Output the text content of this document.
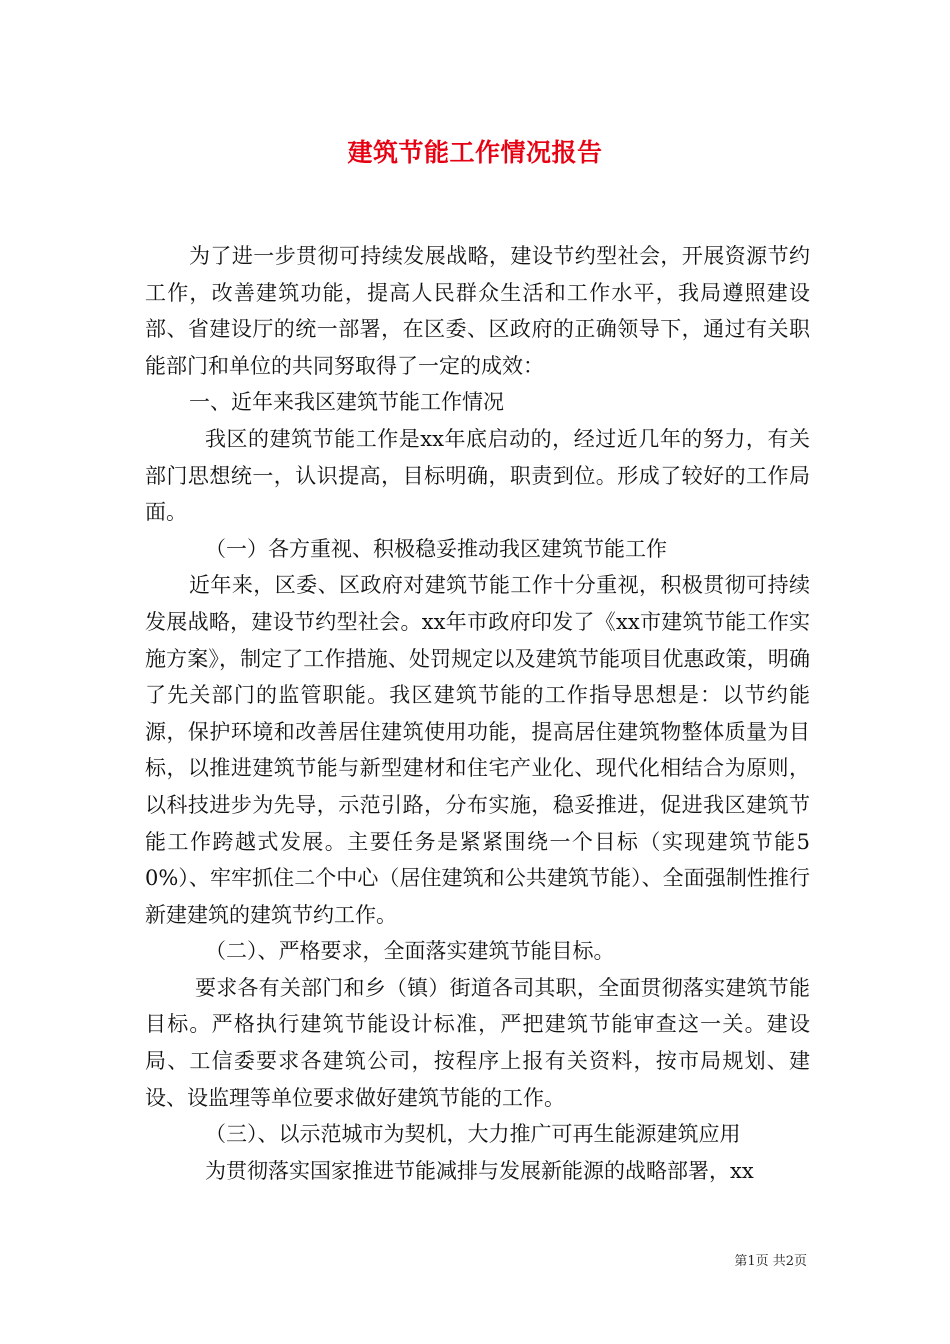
建筑节能工作情况报告

为了进一步贯彻可持续发展战略，建设节约型社会，开展资源节约工作，改善建筑功能，提高人民群众生活和工作水平，我局遵照建设部、省建设厅的统一部署，在区委、区政府的正确领导下，通过有关职能部门和单位的共同努取得了一定的成效：

一、近年来我区建筑节能工作情况

我区的建筑节能工作是xx年底启动的，经过近几年的努力，有关部门思想统一，认识提高，目标明确，职责到位。形成了较好的工作局面。

（一）各方重视、积极稳妥推动我区建筑节能工作

近年来，区委、区政府对建筑节能工作十分重视，积极贯彻可持续发展战略，建设节约型社会。xx年市政府印发了《xx市建筑节能工作实施方案》，制定了工作措施、处罚规定以及建筑节能项目优惠政策，明确了先关部门的监管职能。我区建筑节能的工作指导思想是：以节约能源，保护环境和改善居住建筑使用功能，提高居住建筑物整体质量为目标，以推进建筑节能与新型建材和住宅产业化、现代化相结合为原则，以科技进步为先导，示范引路，分布实施，稳妥推进，促进我区建筑节能工作跨越式发展。主要任务是紧紧围绕一个目标（实现建筑节能50%）、牢牢抓住二个中心（居住建筑和公共建筑节能）、全面强制性推行新建建筑的建筑节约工作。

（二）、严格要求，全面落实建筑节能目标。

要求各有关部门和乡（镇）街道各司其职，全面贯彻落实建筑节能目标。严格执行建筑节能设计标准，严把建筑节能审查这一关。建设局、工信委要求各建筑公司，按程序上报有关资料，按市局规划、建设、设监理等单位要求做好建筑节能的工作。

（三）、以示范城市为契机，大力推广可再生能源建筑应用

为贯彻落实国家推进节能减排与发展新能源的战略部署，xx

第1页 共2页
